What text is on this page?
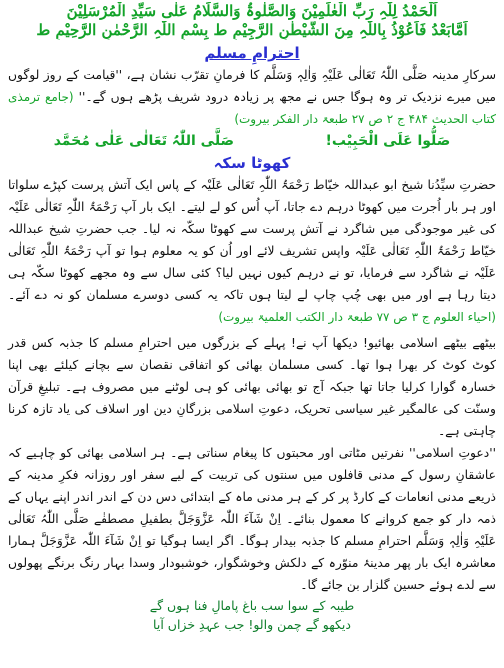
اَلْحَمْدُ لِلّٰہِ رَبِّ الْعٰلَمِیْنَ وَالصَّلٰوۃُ وَالسَّلَامُ عَلٰی سَیِّدِ الْمُرْسَلِیْنَ

اَمَّابَعْدُ فَاَعُوْذُ بِاللّٰہِ مِنَ الشَّیْطٰنِ الرَّجِیْمِ ط بِسْمِ اللّٰہِ الرَّحْمٰنِ الرَّحِیْمِ ط

احترامِ مسلم

سرکارِ مدینہ صَلَّی اللّٰہُ تَعَالٰی عَلَیْہِ وَاٰلِہٖ وَسَلَّم کا فرمانِ تقرّب نشان ہے، ''قیامت کے روز لوگوں میں میرے نزدیک تر وہ ہوگا جس نے مجھ پر زیادہ درود شریف پڑھے ہوں گے۔'' (جامع ترمذی کتاب الحدیث ۴۸۴ ج ۲ ص ۲۷ طبعۃ دار الفکر بیروت)

صَلُّوا عَلَی الْحَبِیْب!
صَلَّی اللّٰہُ تَعَالٰی عَلٰی مُحَمَّد
کھوٹا سکہ

حضرتِ سیِّدُنا شیخ ابو عبداللہ خیّاط رَحْمَۃُ اللّٰہِ تَعَالٰی عَلَیْہ کے پاس ایک آتش پرست کپڑے سلواتا اور ہر بار اُجرت میں کھوٹا درہم دے جاتا، آپ اُس کو لے لیتے۔ ایک بار آپ رَحْمَۃُ اللّٰہِ تَعَالٰی عَلَیْہ کی غیر موجودگی میں شاگرد نے آتش پرست سے کھوٹا سکّہ نہ لیا۔ جب حضرتِ شیخ عبداللہ خیّاط رَحْمَۃُ اللّٰہِ تَعَالٰی عَلَیْہ واپس تشریف لائے اور اُن کو یہ معلوم ہوا تو آپ رَحْمَۃُ اللّٰہِ تَعَالٰی عَلَیْہ نے شاگرد سے فرمایا، تو نے درہم کیوں نہیں لیا؟ کئی سال سے وہ مجھے کھوٹا سکّہ ہی دیتا رہا ہے اور میں بھی چُپ چاپ لے لیتا ہوں تاکہ یہ کسی دوسرے مسلمان کو نہ دے آئے۔ (احیاء العلوم ج ۳ ص ۷۷ طبعۃ دار الکتب العلمیۃ بیروت)

بیٹھے بیٹھے اسلامی بھائیو! دیکھا آپ نے! پہلے کے بزرگوں میں احترامِ مسلم کا جذبہ کس قدر کوٹ کوٹ کر بھرا ہوا تھا۔ کسی مسلمان بھائی کو اتفاقی نقصان سے بچانے کیلئے بھی اپنا خسارہ گوارا کرلیا جاتا تھا جبکہ آج تو بھائی بھائی کو ہی لوٹنے میں مصروف ہے۔ تبلیغِ قرآن وسنّت کی عالمگیر غیر سیاسی تحریک، دعوتِ اسلامی بزرگانِ دین اور اسلاف کی یاد تازہ کرنا چاہتی ہے۔

''دعوتِ اسلامی'' نفرتیں مٹاتی اور محبتوں کا پیغام سناتی ہے۔ ہر اسلامی بھائی کو چاہیے کہ عاشقانِ رسول کے مدنی قافلوں میں سنتوں کی تربیت کے لیے سفر اور روزانہ فکرِ مدینہ کے ذریعے مدنی انعامات کے کارڈ پر کر کے ہر مدنی ماہ کے ابتدائی دس دن کے اندر اندر اپنے یہاں کے ذمہ دار کو جمع کروانے کا معمول بنائے۔ اِنْ شَآءَ اللّٰہ عَزَّوَجَلَّ بطفیلِ مصطفٰے صَلَّی اللّٰہُ تَعَالٰی عَلَیْہِ وَاٰلِہٖ وَسَلَّم احترامِ مسلم کا جذبہ بیدار ہوگا۔ اگر ایسا ہوگیا تو اِنْ شَآءَ اللّٰہ عَزَّوَجَلَّ ہمارا معاشرہ ایک بار پھر مدینۂ منوّرہ کے دلکش وخوشگوار، خوشبودار وسدا بہار رنگ برنگے پھولوں سے لدے ہوئے حسین گلزار بن جائے گا۔

طیبہ کے سوا سب باغ پامالِ فنا ہوں گے

دیکھو گے چمن والو! جب عہدِ خزاں آیا
